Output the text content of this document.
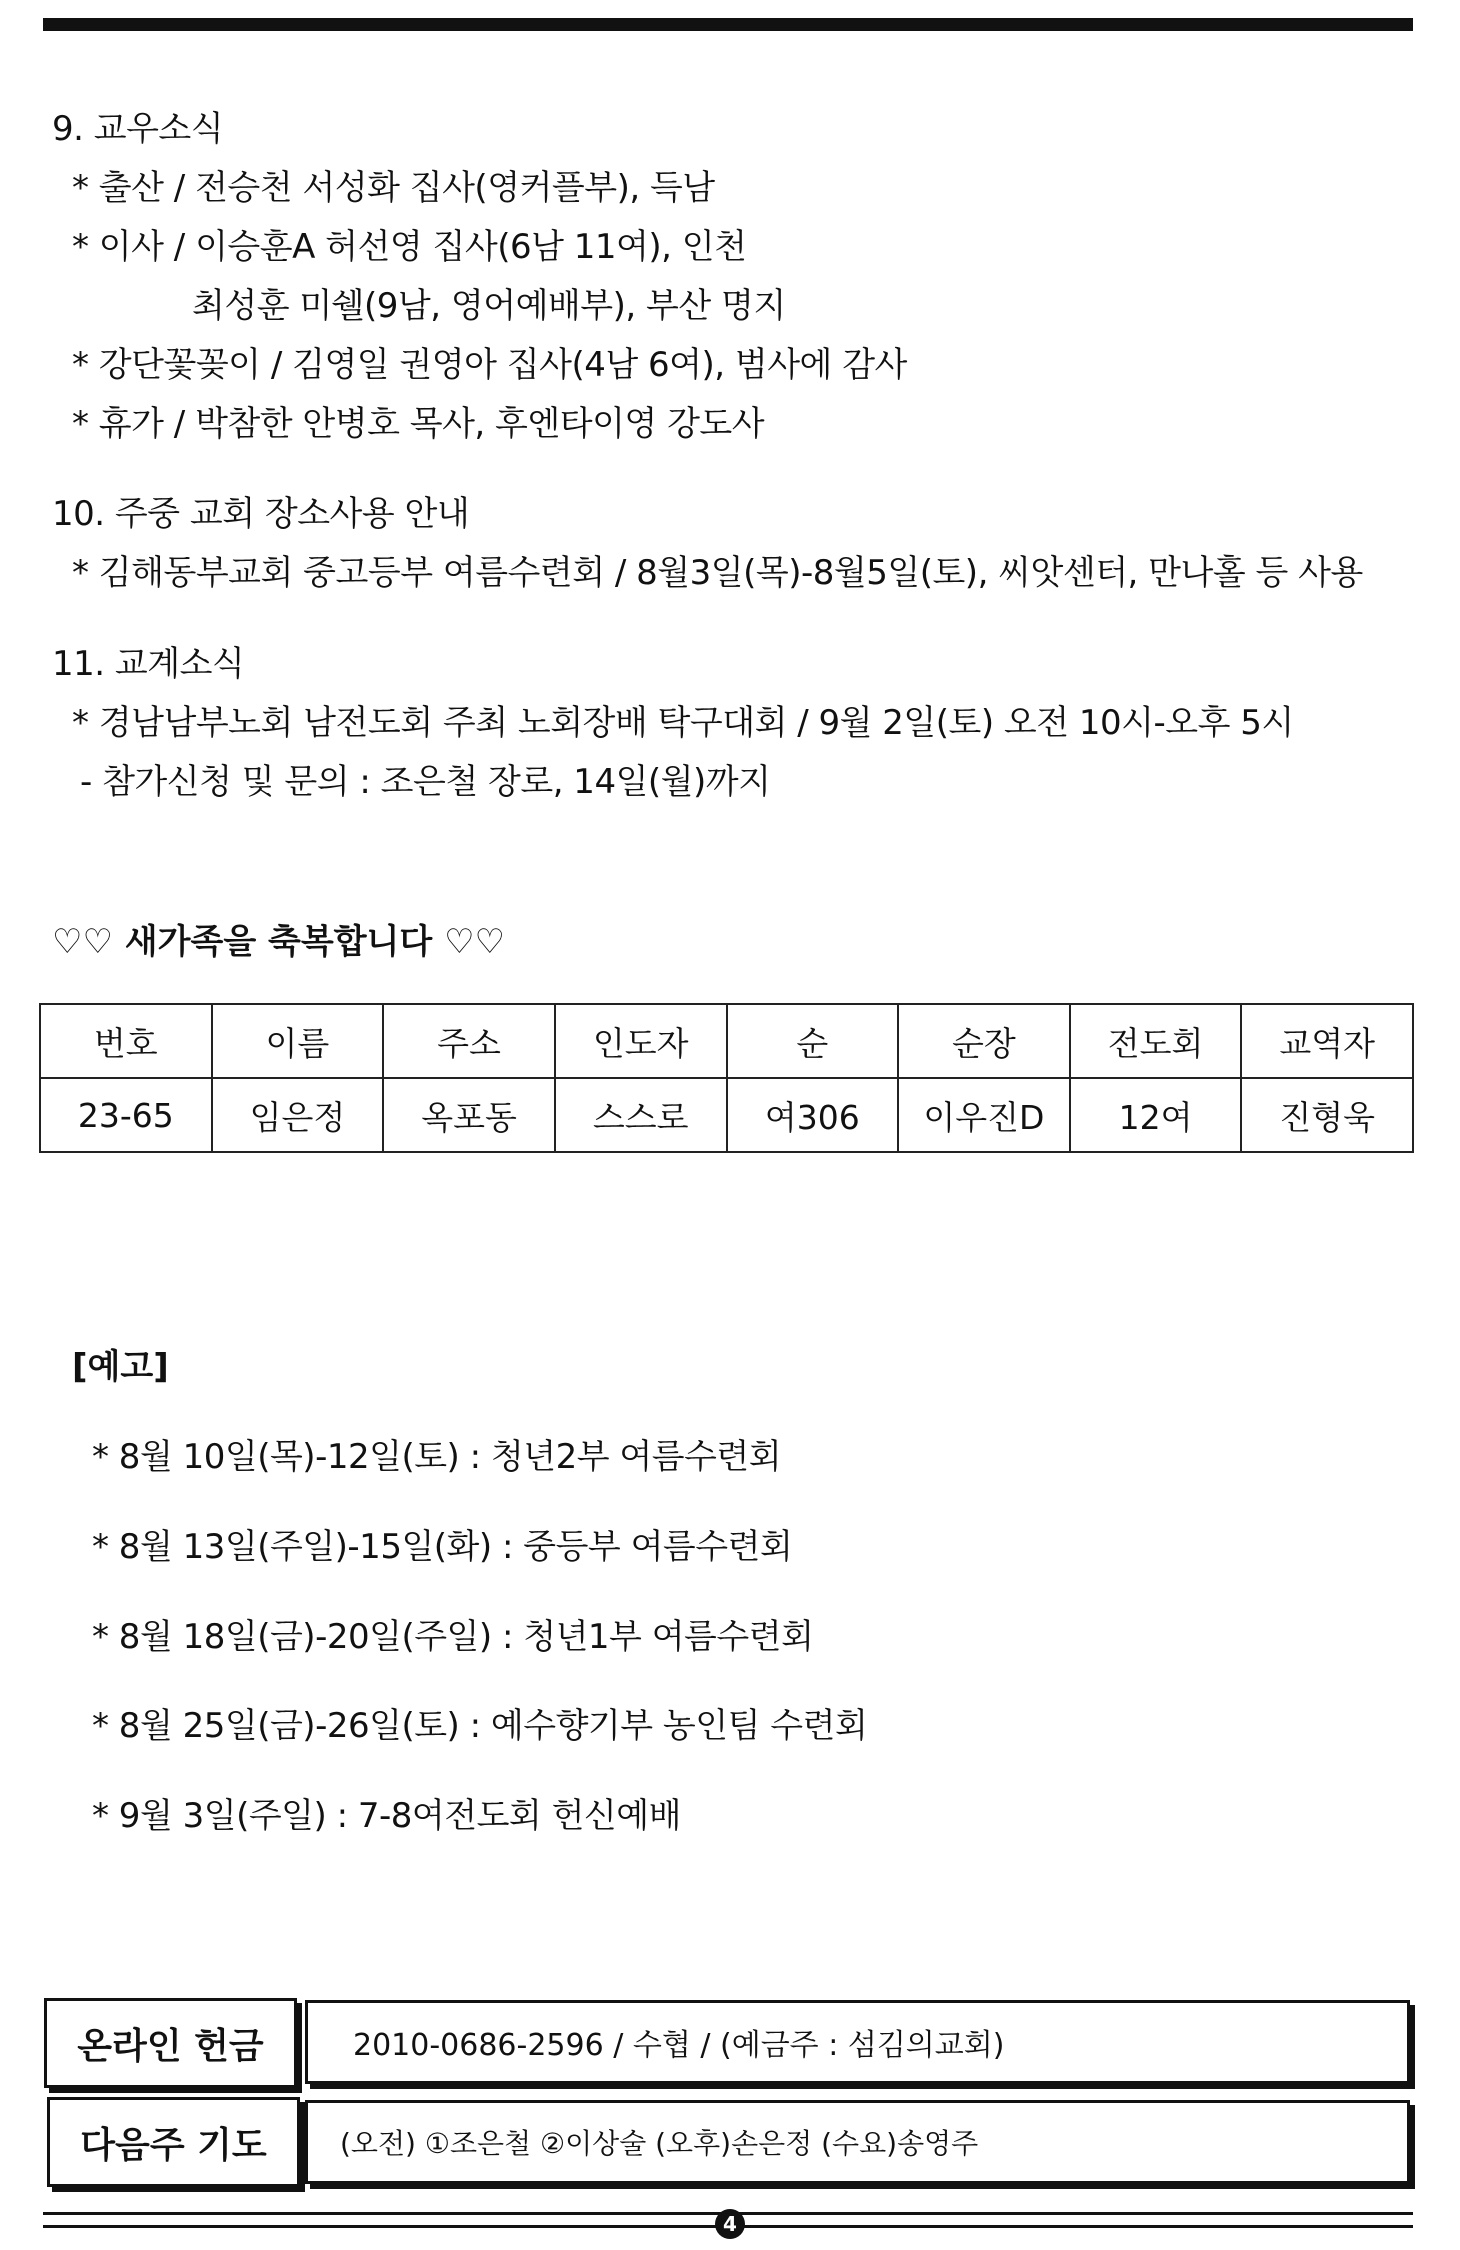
9. 교우소식
* 출산 / 전승천 서성화 집사(영커플부), 득남
* 이사 / 이승훈A 허선영 집사(6남 11여), 인천
최성훈 미쉘(9남, 영어예배부), 부산 명지
* 강단꽃꽂이 / 김영일 권영아 집사(4남 6여), 범사에 감사
* 휴가 / 박참한 안병호 목사, 후엔타이영 강도사
10. 주중 교회 장소사용 안내
* 김해동부교회 중고등부 여름수련회 / 8월3일(목)-8월5일(토), 씨앗센터, 만나홀 등 사용
11. 교계소식
* 경남남부노회 남전도회 주최 노회장배 탁구대회 / 9월 2일(토) 오전 10시-오후 5시
- 참가신청 및 문의 : 조은철 장로, 14일(월)까지
♡♡ 새가족을 축복합니다 ♡♡
번호	이름	주소	인도자	순	순장	전도회	교역자
23-65	임은정	옥포동	스스로	여306	이우진D	12여	진형욱
[예고]
* 8월 10일(목)-12일(토) : 청년2부 여름수련회
* 8월 13일(주일)-15일(화) : 중등부 여름수련회
* 8월 18일(금)-20일(주일) : 청년1부 여름수련회
* 8월 25일(금)-26일(토) : 예수향기부 농인팀 수련회
* 9월 3일(주일) : 7-8여전도회 헌신예배
온라인 헌금	2010-0686-2596 / 수협 / (예금주 : 섬김의교회)
다음주 기도	(오전) ①조은철 ②이상술 (오후)손은정 (수요)송영주
4
